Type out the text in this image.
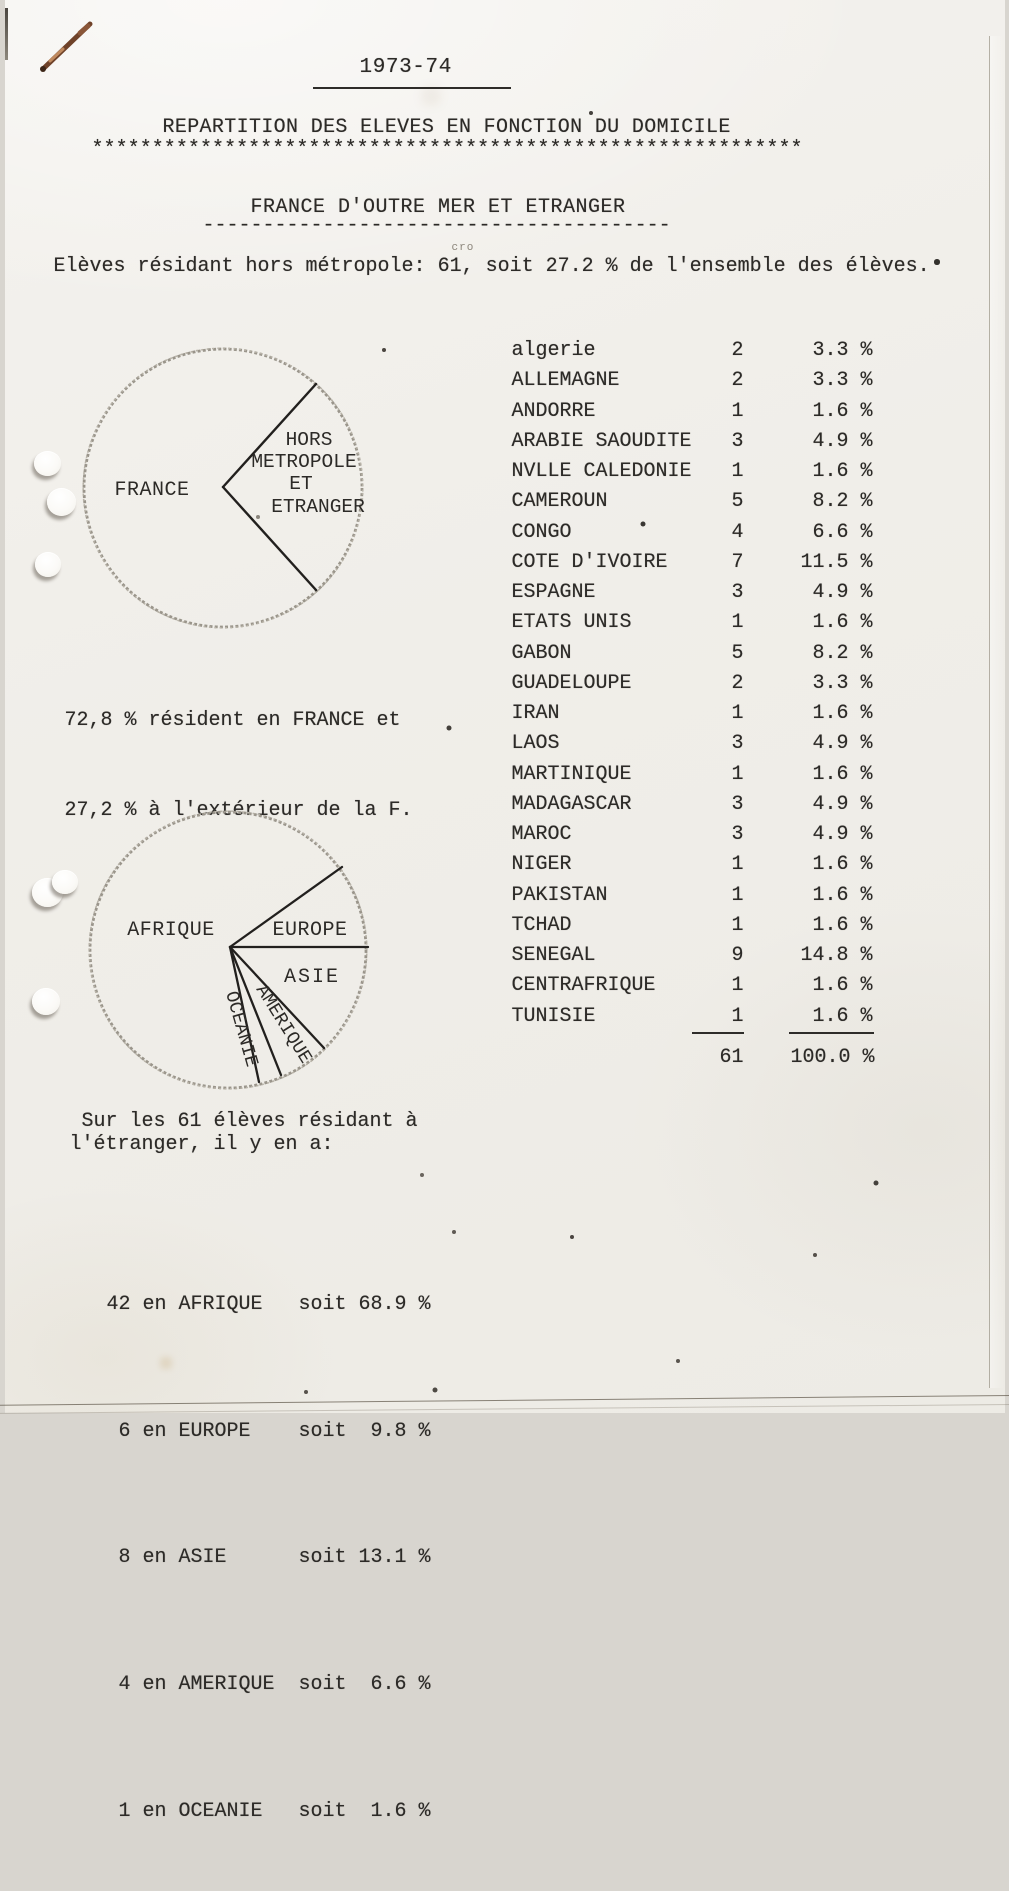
1973-74
REPARTITION DES ELEVES EN FONCTION DU DOMICILE
***********************************************************
FRANCE D'OUTRE MER ET ETRANGER
---------------------------------------
cro
Elèves résidant hors métropole: 61, soit 27.2 % de l'ensemble des élèves.
FRANCE
HORS
METROPOLE
ET
ETRANGER

72,8 % résident en FRANCE et

27,2 % à l'extérieur de la F.

AFRIQUE	EUROPE
ASIE
AMERIQUE
OCEANIE
algerie	2	3.3 %
ALLEMAGNE	2	3.3 %
ANDORRE	1	1.6 %
ARABIE SAOUDITE	3	4.9 %
NVLLE CALEDONIE	1	1.6 %
CAMEROUN	5	8.2 %
CONGO	4	6.6 %
COTE D'IVOIRE	7	11.5 %
ESPAGNE	3	4.9 %
ETATS UNIS	1	1.6 %
GABON	5	8.2 %
GUADELOUPE	2	3.3 %
IRAN	1	1.6 %
LAOS	3	4.9 %
MARTINIQUE	1	1.6 %
MADAGASCAR	3	4.9 %
MAROC	3	4.9 %
NIGER	1	1.6 %
PAKISTAN	1	1.6 %
TCHAD	1	1.6 %
SENEGAL	9	14.8 %
CENTRAFRIQUE	1	1.6 %
TUNISIE	1	1.6 %
61	100.0 %
Sur les 61 élèves résidant à
l'étranger, il y en a:

42 en AFRIQUE   soit 68.9 %

6 en EUROPE    soit  9.8 %

8 en ASIE      soit 13.1 %

4 en AMERIQUE  soit  6.6 %

1 en OCEANIE   soit  1.6 %
